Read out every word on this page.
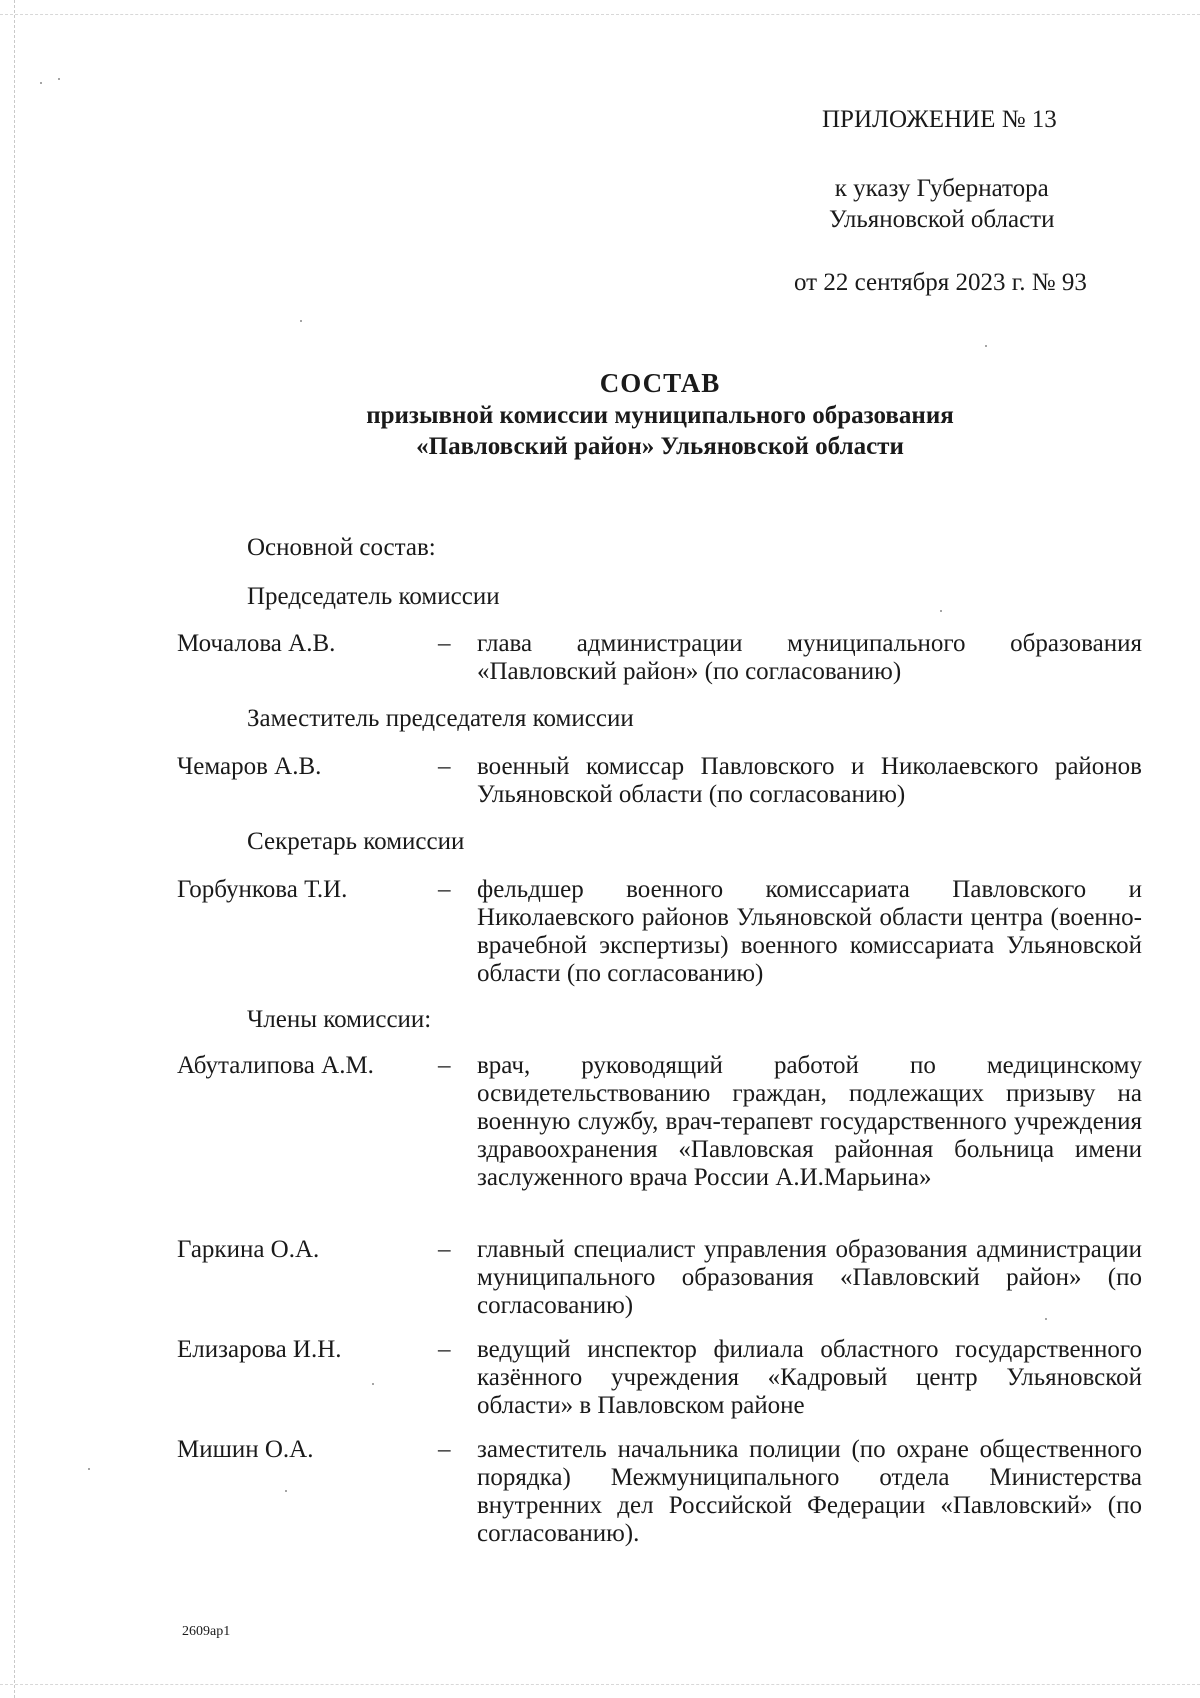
ПРИЛОЖЕНИЕ № 13
к указу Губернатора
Ульяновской области
от 22 сентября 2023 г. № 93
СОСТАВ
призывной комиссии муниципального образования
«Павловский район» Ульяновской области
Основной состав:
Председатель комиссии
Мочалова А.В.	– глава администрации муниципального образования «Павловский район» (по согласованию)
Заместитель председателя комиссии
Чемаров А.В.	– военный комиссар Павловского и Николаевского районов Ульяновской области (по согласованию)
Секретарь комиссии
Горбункова Т.И.	– фельдшер военного комиссариата Павловского и Николаевского районов Ульяновской области центра (военно-врачебной экспертизы) военного комиссариата Ульяновской области (по согласованию)
Члены комиссии:
Абуталипова А.М.	– врач, руководящий работой по медицинскому освидетельствованию граждан, подлежащих призыву на военную службу, врач-терапевт государственного учреждения здравоохранения «Павловская районная больница имени заслуженного врача России А.И.Марьина»
Гаркина О.А.	– главный специалист управления образования администрации муниципального образования «Павловский район» (по согласованию)
Елизарова И.Н.	– ведущий инспектор филиала областного государственного казённого учреждения «Кадровый центр Ульяновской области» в Павловском районе
Мишин О.А.	– заместитель начальника полиции (по охране общественного порядка) Межмуниципального отдела Министерства внутренних дел Российской Федерации «Павловский» (по согласованию).
2609ap1
